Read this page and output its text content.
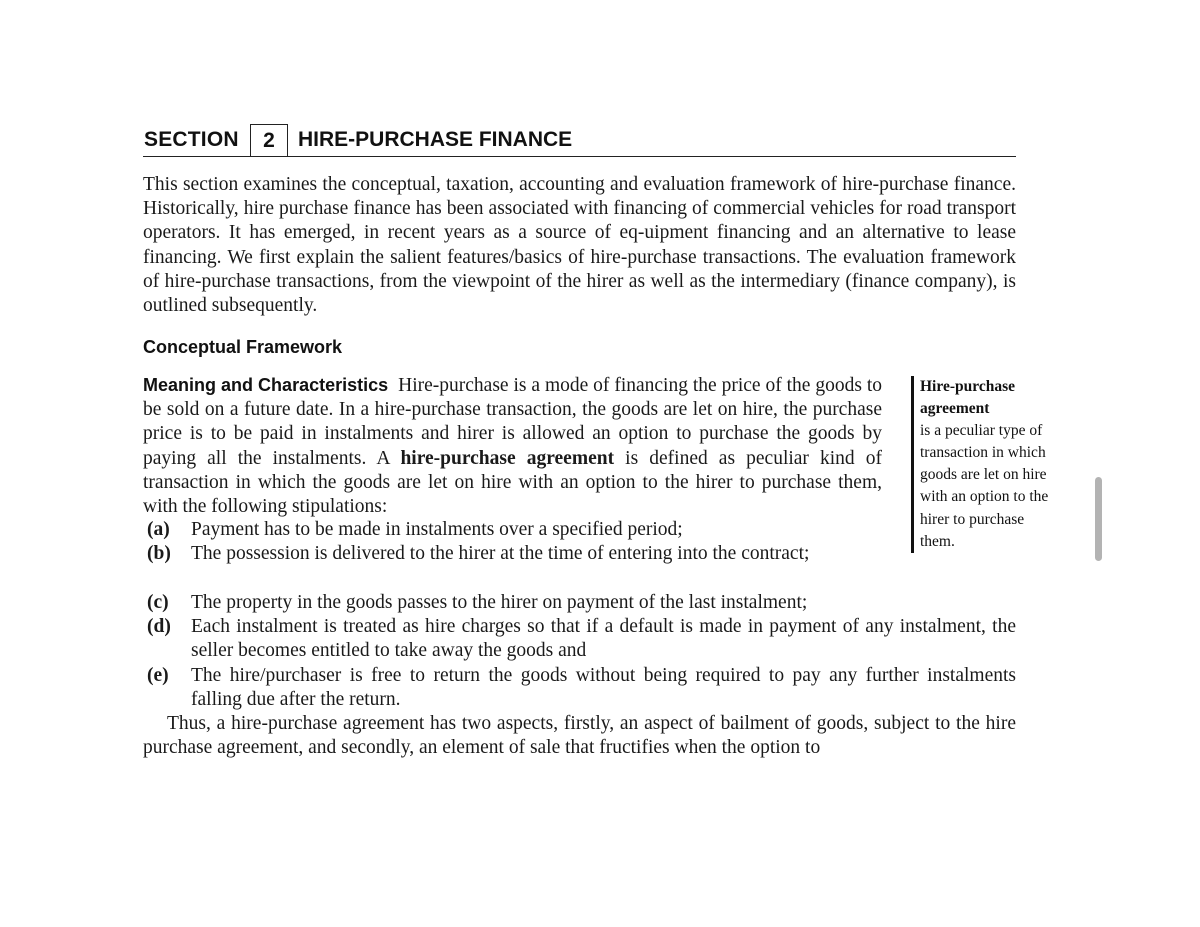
SECTION	2	HIRE-PURCHASE FINANCE

This section examines the conceptual, taxation, accounting and evaluation framework of hire-purchase finance. Historically, hire purchase finance has been associated with financing of commercial vehicles for road transport operators. It has emerged, in recent years as a source of eq-uipment financing and an alternative to lease financing. We first explain the salient features/basics of hire-purchase transactions. The evaluation framework of hire-purchase transactions, from the viewpoint of the hirer as well as the intermediary (finance company), is outlined subsequently.

Conceptual Framework

Meaning and Characteristics Hire-purchase is a mode of financing the price of the goods to be sold on a future date. In a hire-purchase transaction, the goods are let on hire, the purchase price is to be paid in instalments and hirer is allowed an option to purchase the goods by paying all the instalments. A hire-purchase agreement is defined as peculiar kind of transaction in which the goods are let on hire with an option to the hirer to purchase them, with the following stipulations:

(a) Payment has to be made in instalments over a specified period;
(b) The possession is delivered to the hirer at the time of entering into the contract;
(c) The property in the goods passes to the hirer on payment of the last instalment;
(d) Each instalment is treated as hire charges so that if a default is made in payment of any instalment, the seller becomes entitled to take away the goods and
(e) The hire/purchaser is free to return the goods without being required to pay any further instalments falling due after the return.

Thus, a hire-purchase agreement has two aspects, firstly, an aspect of bailment of goods, subject to the hire purchase agreement, and secondly, an element of sale that fructifies when the option to

Hire-purchase agreement
is a peculiar type of transaction in which goods are let on hire with an option to the hirer to purchase them.
